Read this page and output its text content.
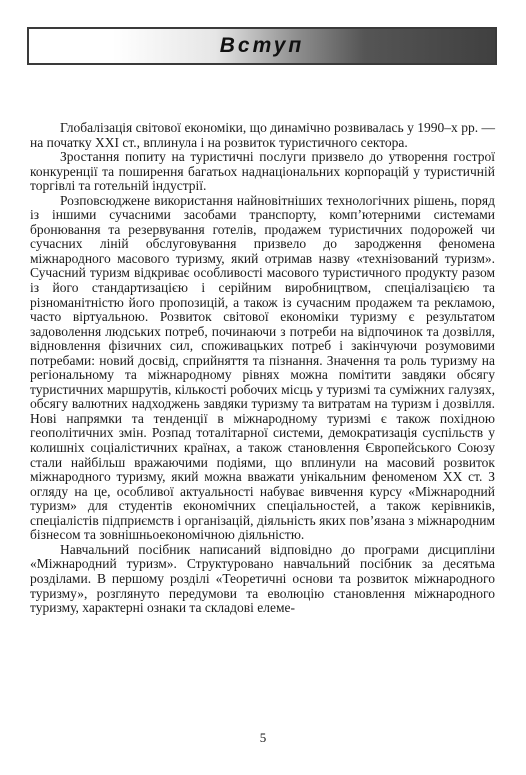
Вступ

Глобалізація світової економіки, що динамічно розвивалась у 1990–х рр. — на початку XXI ст., вплинула і на розвиток туристичного сектора.

Зростання попиту на туристичні послуги призвело до утворення гострої конкуренції та поширення багатьох наднаціональних корпорацій у туристичній торгівлі та готельній індустрії.

Розповсюджене використання найновітніших технологічних рішень, поряд із іншими сучасними засобами транспорту, комп’ютерними системами бронювання та резервування готелів, продажем туристичних подорожей чи сучасних ліній обслуговування призвело до зародження феномена міжнародного масового туризму, який отримав назву «технізований туризм». Сучасний туризм відкриває особливості масового туристичного продукту разом із його стандартизацією і серійним виробництвом, спеціалізацією та різноманітністю його пропозицій, а також із сучасним продажем та рекламою, часто віртуальною. Розвиток світової економіки туризму є результатом задоволення людських потреб, починаючи з потреби на відпочинок та дозвілля, відновлення фізичних сил, споживацьких потреб і закінчуючи розумовими потребами: новий досвід, сприйняття та пізнання. Значення та роль туризму на регіональному та міжнародному рівнях можна помітити завдяки обсягу туристичних маршрутів, кількості робочих місць у туризмі та суміжних галузях, обсягу валютних надходжень завдяки туризму та витратам на туризм і дозвілля. Нові напрямки та тенденції в міжнародному туризмі є також похідною геополітичних змін. Розпад тоталітарної системи, демократизація суспільств у колишніх соціалістичних країнах, а також становлення Європейського Союзу стали найбільш вражаючими подіями, що вплинули на масовий розвиток міжнародного туризму, який можна вважати унікальним феноменом XX ст. З огляду на це, особливої актуальності набуває вивчення курсу «Міжнародний туризм» для студентів економічних спеціальностей, а також керівників, спеціалістів підприємств і організацій, діяльність яких пов’язана з міжнародним бізнесом та зовнішньоекономічною діяльністю.

Навчальний посібник написаний відповідно до програми дисципліни «Міжнародний туризм». Структуровано навчальний посібник за десятьма розділами. В першому розділі «Теоретичні основи та розвиток міжнародного туризму», розглянуто передумови та еволюцію становлення міжнародного туризму, характерні ознаки та складові елеме-

5
